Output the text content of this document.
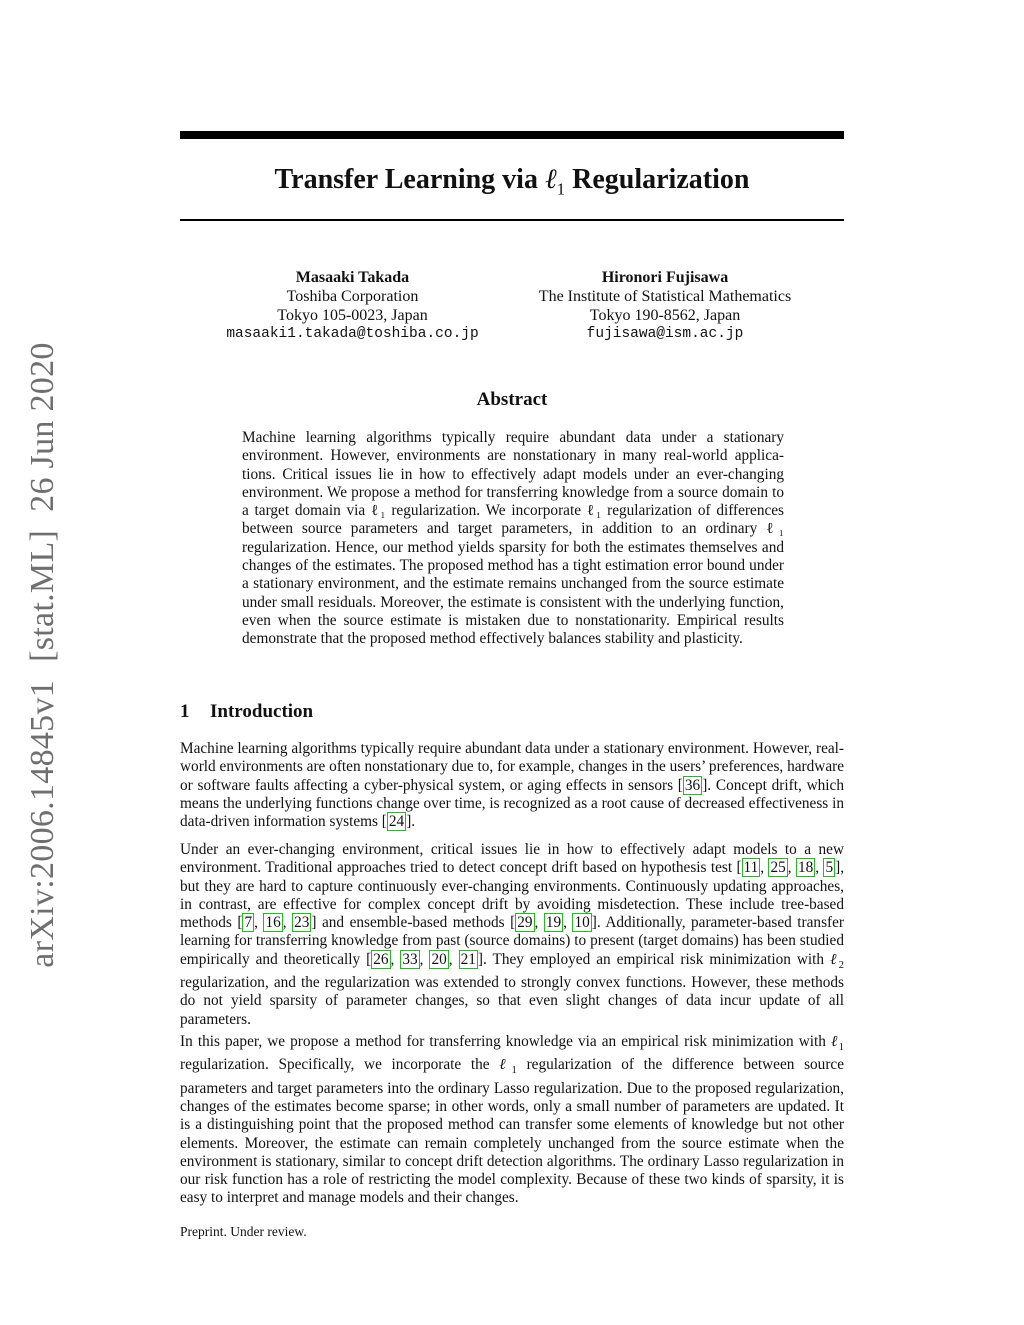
arXiv:2006.14845v1[stat.ML]26 Jun 2020
Transfer Learning via ℓ$_1$ Regularization
Masaaki Takada
Toshiba Corporation
Tokyo 105-0023, Japan
masaaki1.takada@toshiba.co.jp
Hironori Fujisawa
The Institute of Statistical Mathematics
Tokyo 190-8562, Japan
fujisawa@ism.ac.jp
Abstract
Machine learning algorithms typically require abundant data under a stationary environment. However, environments are nonstationary in many real-world applications. Critical issues lie in how to effectively adapt models under an ever-changing environment. We propose a method for transferring knowledge from a source domain to a target domain via ℓ₁ regularization. We incorporate ℓ₁ regularization of differences between source parameters and target parameters, in addition to an ordinary ℓ₁ regularization. Hence, our method yields sparsity for both the estimates themselves and changes of the estimates. The proposed method has a tight estimation error bound under a stationary environment, and the estimate remains unchanged from the source estimate under small residuals. Moreover, the estimate is consistent with the underlying function, even when the source estimate is mistaken due to nonstationarity. Empirical results demonstrate that the proposed method effectively balances stability and plasticity.
1 Introduction
Machine learning algorithms typically require abundant data under a stationary environment. However, real-world environments are often nonstationary due to, for example, changes in the users’ preferences, hardware or software faults affecting a cyber-physical system, or aging effects in sensors [ 36 ]. Concept drift, which means the underlying functions change over time, is recognized as a root cause of decreased effectiveness in data-driven information systems [ 24 ].
Under an ever-changing environment, critical issues lie in how to effectively adapt models to a new environment. Traditional approaches tried to detect concept drift based on hypothesis test [ 11 , 25 , 18 , 5 ], but they are hard to capture continuously ever-changing environments. Continuously updating approaches, in contrast, are effective for complex concept drift by avoiding misdetection. These include tree-based methods [ 7 , 16 , 23 ] and ensemble-based methods [ 29 , 19 , 10 ]. Additionally, parameter-based transfer learning for transferring knowledge from past (source domains) to present (target domains) has been studied empirically and theoretically [ 26 , 33 , 20 , 21 ]. They employed an empirical risk minimization with ℓ$_2$ regularization, and the regularization was extended to strongly convex functions. However, these methods do not yield sparsity of parameter changes, so that even slight changes of data incur update of all parameters.
In this paper, we propose a method for transferring knowledge via an empirical risk minimization with ℓ$_1$ regularization. Specifically, we incorporate the ℓ$_1$ regularization of the difference between source parameters and target parameters into the ordinary Lasso regularization. Due to the proposed regularization, changes of the estimates become sparse; in other words, only a small number of parameters are updated. It is a distinguishing point that the proposed method can transfer some elements of knowledge but not other elements. Moreover, the estimate can remain completely unchanged from the source estimate when the environment is stationary, similar to concept drift detection algorithms. The ordinary Lasso regularization in our risk function has a role of restricting the model complexity. Because of these two kinds of sparsity, it is easy to interpret and manage models and their changes.
Preprint. Under review.
